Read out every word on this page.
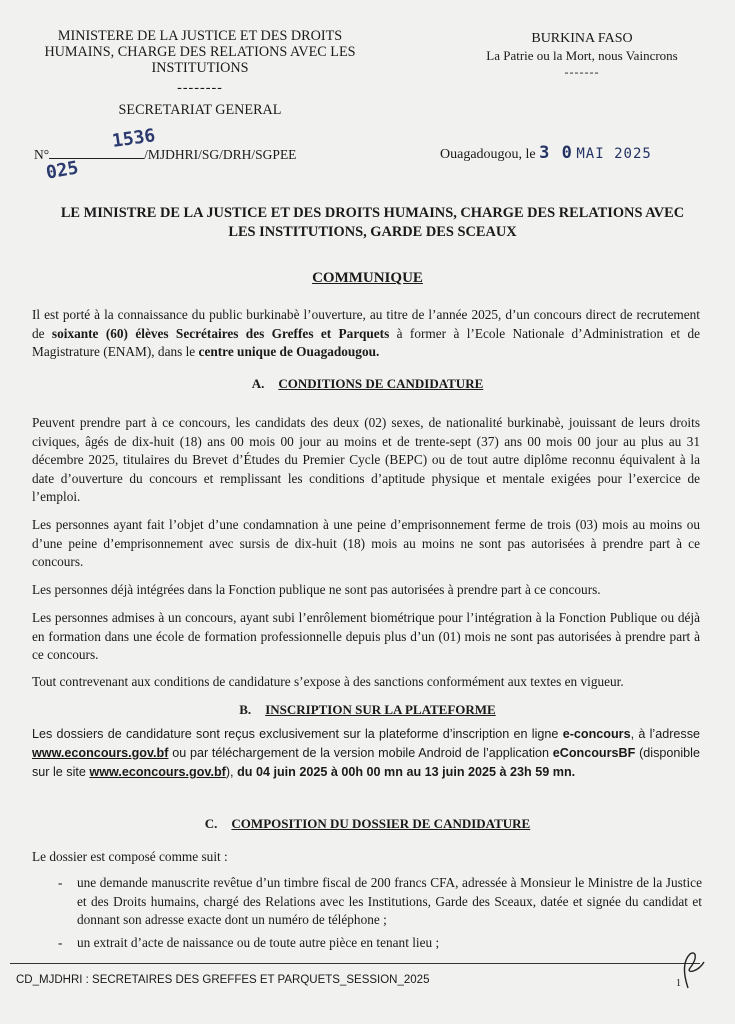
MINISTERE DE LA JUSTICE ET DES DROITS
HUMAINS, CHARGE DES RELATIONS AVEC LES
INSTITUTIONS
--------
SECRETARIAT GENERAL
BURKINA FASO
La Patrie ou la Mort, nous Vaincrons
-------
N°	/MJDHRI/SG/DRH/SGPEE
1536
025
Ouagadougou, le 3 0 MAI 2025
LE MINISTRE DE LA JUSTICE ET DES DROITS HUMAINS, CHARGE DES RELATIONS AVEC
LES INSTITUTIONS, GARDE DES SCEAUX
COMMUNIQUE
Il est porté à la connaissance du public burkinabè l’ouverture, au titre de l’année 2025, d’un concours direct de recrutement de soixante (60) élèves Secrétaires des Greffes et Parquets à former à l’Ecole Nationale d’Administration et de Magistrature (ENAM), dans le centre unique de Ouagadougou.
A. CONDITIONS DE CANDIDATURE
Peuvent prendre part à ce concours, les candidats des deux (02) sexes, de nationalité burkinabè, jouissant de leurs droits civiques, âgés de dix-huit (18) ans 00 mois 00 jour au moins et de trente-sept (37) ans 00 mois 00 jour au plus au 31 décembre 2025, titulaires du Brevet d’Études du Premier Cycle (BEPC) ou de tout autre diplôme reconnu équivalent à la date d’ouverture du concours et remplissant les conditions d’aptitude physique et mentale exigées pour l’exercice de l’emploi.
Les personnes ayant fait l’objet d’une condamnation à une peine d’emprisonnement ferme de trois (03) mois au moins ou d’une peine d’emprisonnement avec sursis de dix-huit (18) mois au moins ne sont pas autorisées à prendre part à ce concours.
Les personnes déjà intégrées dans la Fonction publique ne sont pas autorisées à prendre part à ce concours.
Les personnes admises à un concours, ayant subi l’enrôlement biométrique pour l’intégration à la Fonction Publique ou déjà en formation dans une école de formation professionnelle depuis plus d’un (01) mois ne sont pas autorisées à prendre part à ce concours.
Tout contrevenant aux conditions de candidature s’expose à des sanctions conformément aux textes en vigueur.
B. INSCRIPTION SUR LA PLATEFORME
Les dossiers de candidature sont reçus exclusivement sur la plateforme d’inscription en ligne e-concours, à l’adresse www.econcours.gov.bf ou par téléchargement de la version mobile Android de l’application eConcoursBF (disponible sur le site www.econcours.gov.bf), du 04 juin 2025 à 00h 00 mn au 13 juin 2025 à 23h 59 mn.
C. COMPOSITION DU DOSSIER DE CANDIDATURE
Le dossier est composé comme suit :
- une demande manuscrite revêtue d’un timbre fiscal de 200 francs CFA, adressée à Monsieur le Ministre de la Justice et des Droits humains, chargé des Relations avec les Institutions, Garde des Sceaux, datée et signée du candidat et donnant son adresse exacte dont un numéro de téléphone ;
- un extrait d’acte de naissance ou de toute autre pièce en tenant lieu ;
CD_MJDHRI : SECRETAIRES DES GREFFES ET PARQUETS_SESSION_2025	1
